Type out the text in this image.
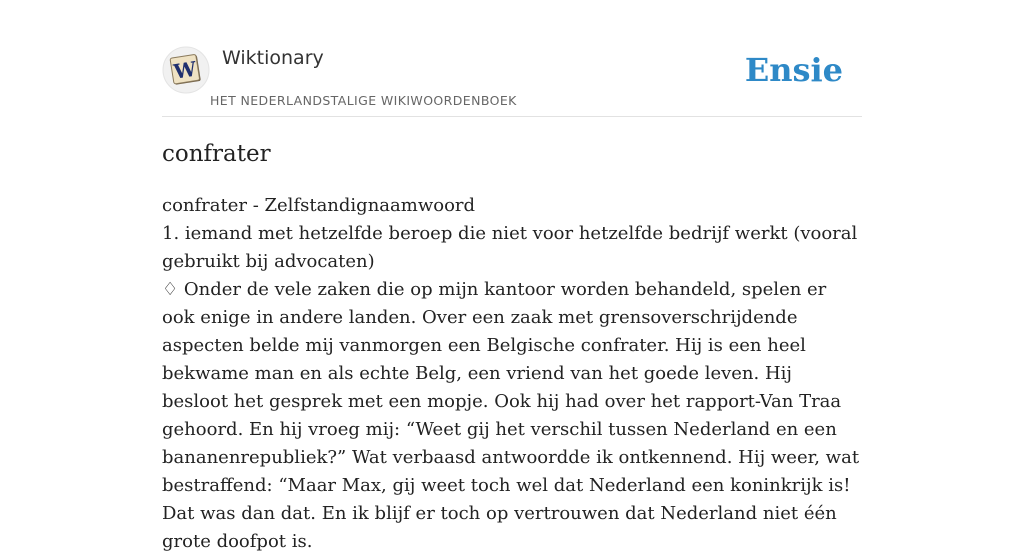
W Wiktionary
HET NEDERLANDSTALIGE WIKIWOORDENBOEK
Ensie
confrater

confrater - Zelfstandignaamwoord

1. iemand met hetzelfde beroep die niet voor hetzelfde bedrijf werkt (vooral gebruikt bij advocaten)

♢ Onder de vele zaken die op mijn kantoor worden behandeld, spelen er ook enige in andere landen. Over een zaak met grensoverschrijdende aspecten belde mij vanmorgen een Belgische confrater. Hij is een heel bekwame man en als echte Belg, een vriend van het goede leven. Hij besloot het gesprek met een mopje. Ook hij had over het rapport-Van Traa gehoord. En hij vroeg mij: “Weet gij het verschil tussen Nederland en een bananenrepubliek?” Wat verbaasd antwoordde ik ontkennend. Hij weer, wat bestraffend: “Maar Max, gij weet toch wel dat Nederland een koninkrijk is! Dat was dan dat. En ik blijf er toch op vertrouwen dat Nederland niet één grote doofpot is.
